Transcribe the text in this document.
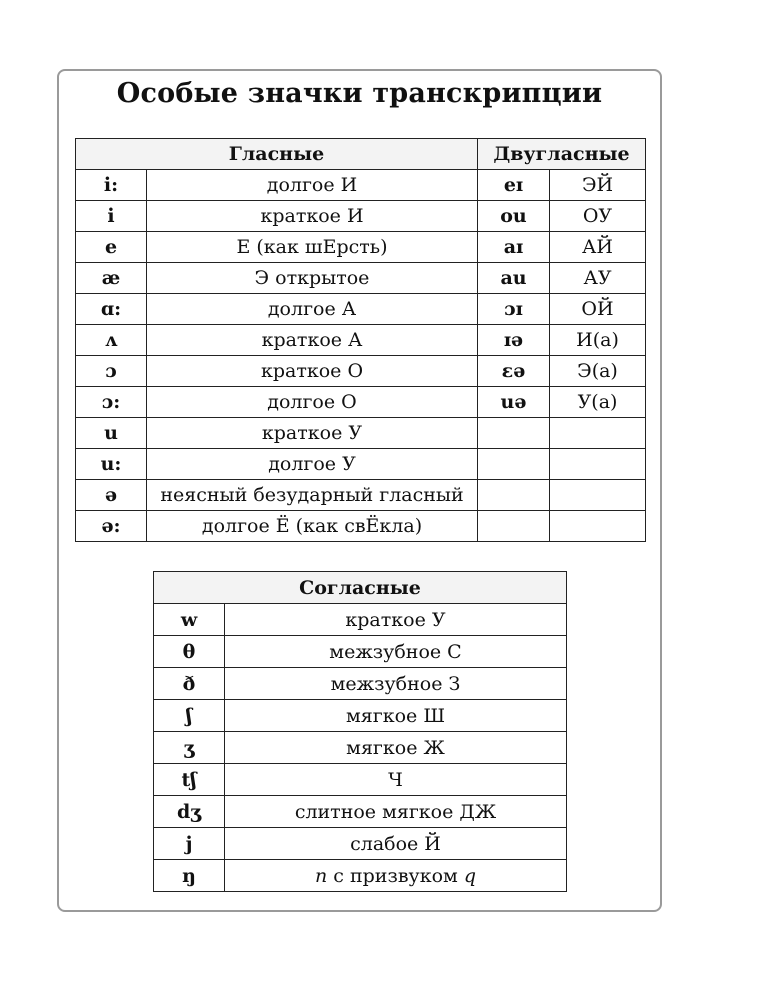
Особые значки транскрипции
Гласные		Двугласные	
i:	долгое И	eɪ	ЭЙ
i	краткое И	ou	ОУ
e	Е (как шЕрсть)	aɪ	АЙ
æ	Э открытое	au	АУ
ɑ:	долгое А	ɔɪ	ОЙ
ʌ	краткое А	ɪə	И(а)
ɔ	краткое О	ɛə	Э(а)
ɔ:	долгое О	uə	У(а)
u	краткое У		
u:	долгое У		
ə	неясный безударный гласный		
ə:	долгое Ё (как свЁкла)		
Согласные	
w	краткое У
θ	межзубное С
ð	межзубное З
ʃ	мягкое Ш
ʒ	мягкое Ж
tʃ	Ч
dʒ	слитное мягкое ДЖ
j	слабое Й
ŋ	n с призвуком q
